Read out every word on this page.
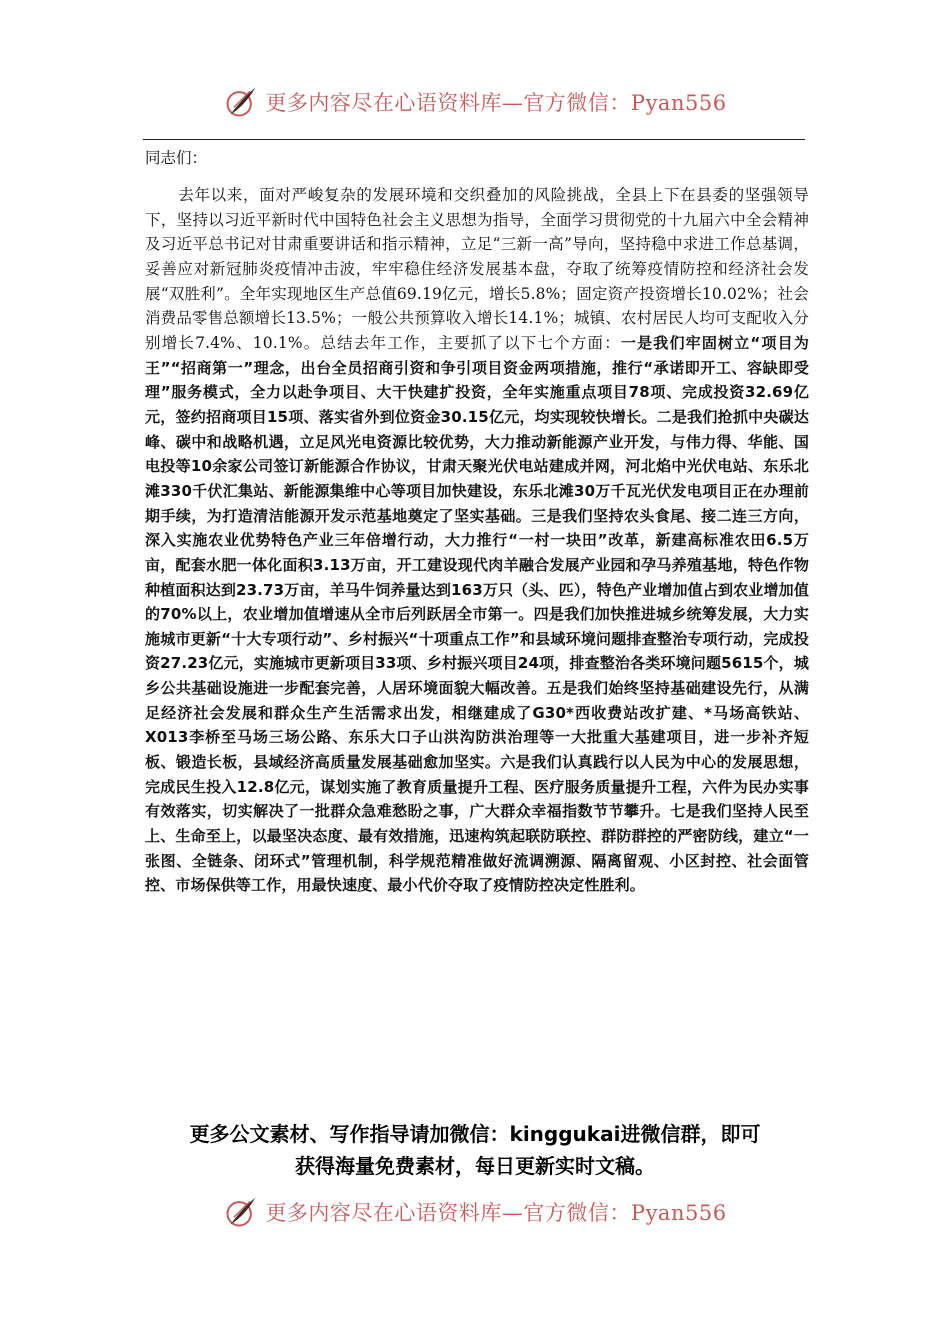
更多内容尽在心语资料库—官方微信：Pyan556

同志们：

去年以来，面对严峻复杂的发展环境和交织叠加的风险挑战，全县上下在县委的坚强领导下，坚持以习近平新时代中国特色社会主义思想为指导，全面学习贯彻党的十九届六中全会精神及习近平总书记对甘肃重要讲话和指示精神，立足“三新一高”导向，坚持稳中求进工作总基调，妥善应对新冠肺炎疫情冲击波，牢牢稳住经济发展基本盘，夺取了统筹疫情防控和经济社会发展“双胜利”。全年实现地区生产总值69.19亿元，增长5.8%；固定资产投资增长10.02%；社会消费品零售总额增长13.5%；一般公共预算收入增长14.1%；城镇、农村居民人均可支配收入分别增长7.4%、10.1%。总结去年工作，主要抓了以下七个方面：一是我们牢固树立“项目为王”“招商第一”理念，出台全员招商引资和争引项目资金两项措施，推行“承诺即开工、容缺即受理”服务模式，全力以赴争项目、大干快建扩投资，全年实施重点项目78项、完成投资32.69亿元，签约招商项目15项、落实省外到位资金30.15亿元，均实现较快增长。二是我们抢抓中央碳达峰、碳中和战略机遇，立足风光电资源比较优势，大力推动新能源产业开发，与伟力得、华能、国电投等10余家公司签订新能源合作协议，甘肃天聚光伏电站建成并网，河北焰中光伏电站、东乐北滩330千伏汇集站、新能源集维中心等项目加快建设，东乐北滩30万千瓦光伏发电项目正在办理前期手续，为打造清洁能源开发示范基地奠定了坚实基础。三是我们坚持农头食尾、接二连三方向，深入实施农业优势特色产业三年倍增行动，大力推行“一村一块田”改革，新建高标准农田6.5万亩，配套水肥一体化面积3.13万亩，开工建设现代肉羊融合发展产业园和孕马养殖基地，特色作物种植面积达到23.73万亩，羊马牛饲养量达到163万只（头、匹），特色产业增加值占到农业增加值的70%以上，农业增加值增速从全市后列跃居全市第一。四是我们加快推进城乡统筹发展，大力实施城市更新“十大专项行动”、乡村振兴“十项重点工作”和县域环境问题排查整治专项行动，完成投资27.23亿元，实施城市更新项目33项、乡村振兴项目24项，排查整治各类环境问题5615个，城乡公共基础设施进一步配套完善，人居环境面貌大幅改善。五是我们始终坚持基础建设先行，从满足经济社会发展和群众生产生活需求出发，相继建成了G30*西收费站改扩建、*马场高铁站、X013李桥至马场三场公路、东乐大口子山洪沟防洪治理等一大批重大基建项目，进一步补齐短板、锻造长板，县域经济高质量发展基础愈加坚实。六是我们认真践行以人民为中心的发展思想，完成民生投入12.8亿元，谋划实施了教育质量提升工程、医疗服务质量提升工程，六件为民办实事有效落实，切实解决了一批群众急难愁盼之事，广大群众幸福指数节节攀升。七是我们坚持人民至上、生命至上，以最坚决态度、最有效措施，迅速构筑起联防联控、群防群控的严密防线，建立“一张图、全链条、闭环式”管理机制，科学规范精准做好流调溯源、隔离留观、小区封控、社会面管控、市场保供等工作，用最快速度、最小代价夺取了疫情防控决定性胜利。

更多公文素材、写作指导请加微信：kinggukai进微信群，即可
获得海量免费素材，每日更新实时文稿。
更多内容尽在心语资料库—官方微信：Pyan556
